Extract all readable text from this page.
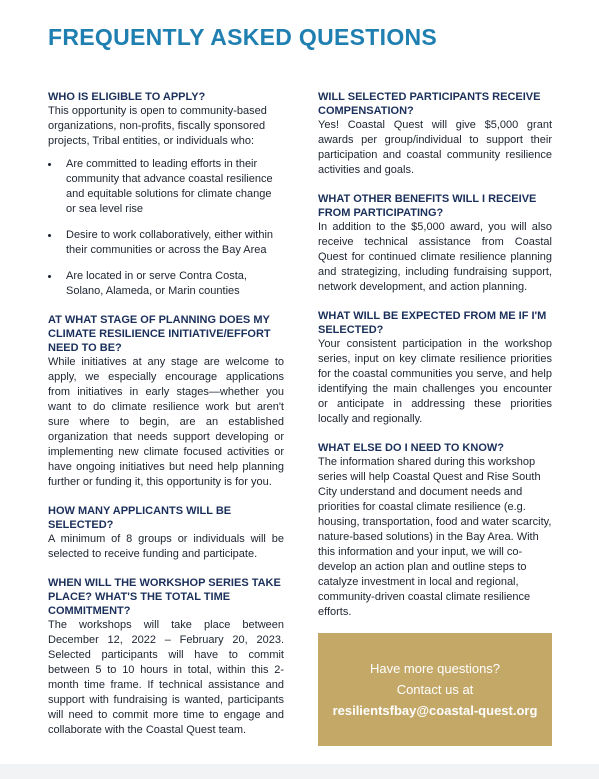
FREQUENTLY ASKED QUESTIONS

WHO IS ELIGIBLE TO APPLY?

This opportunity is open to community-based organizations, non-profits, fiscally sponsored projects, Tribal entities, or individuals who:

Are committed to leading efforts in their community that advance coastal resilience and equitable solutions for climate change or sea level rise
Desire to work collaboratively, either within their communities or across the Bay Area
Are located in or serve Contra Costa, Solano, Alameda, or Marin counties

AT WHAT STAGE OF PLANNING DOES MY CLIMATE RESILIENCE INITIATIVE/EFFORT NEED TO BE?

While initiatives at any stage are welcome to apply, we especially encourage applications from initiatives in early stages—whether you want to do climate resilience work but aren't sure where to begin, are an established organization that needs support developing or implementing new climate focused activities or have ongoing initiatives but need help planning further or funding it, this opportunity is for you.

HOW MANY APPLICANTS WILL BE SELECTED?

A minimum of 8 groups or individuals will be selected to receive funding and participate.

WHEN WILL THE WORKSHOP SERIES TAKE PLACE? WHAT'S THE TOTAL TIME COMMITMENT?

The workshops will take place between December 12, 2022 – February 20, 2023. Selected participants will have to commit between 5 to 10 hours in total, within this 2-month time frame. If technical assistance and support with fundraising is wanted, participants will need to commit more time to engage and collaborate with the Coastal Quest team.

WILL SELECTED PARTICIPANTS RECEIVE COMPENSATION?

Yes! Coastal Quest will give $5,000 grant awards per group/individual to support their participation and coastal community resilience activities and goals.

WHAT OTHER BENEFITS WILL I RECEIVE FROM PARTICIPATING?

In addition to the $5,000 award, you will also receive technical assistance from Coastal Quest for continued climate resilience planning and strategizing, including fundraising support, network development, and action planning.

WHAT WILL BE EXPECTED FROM ME IF I'M SELECTED?

Your consistent participation in the workshop series, input on key climate resilience priorities for the coastal communities you serve, and help identifying the main challenges you encounter or anticipate in addressing these priorities locally and regionally.

WHAT ELSE DO I NEED TO KNOW?

The information shared during this workshop series will help Coastal Quest and Rise South City understand and document needs and priorities for coastal climate resilience (e.g. housing, transportation, food and water scarcity, nature-based solutions) in the Bay Area. With this information and your input, we will co-develop an action plan and outline steps to catalyze investment in local and regional, community-driven coastal climate resilience efforts.

Have more questions?
Contact us at
resilientsfbay@coastal-quest.org
